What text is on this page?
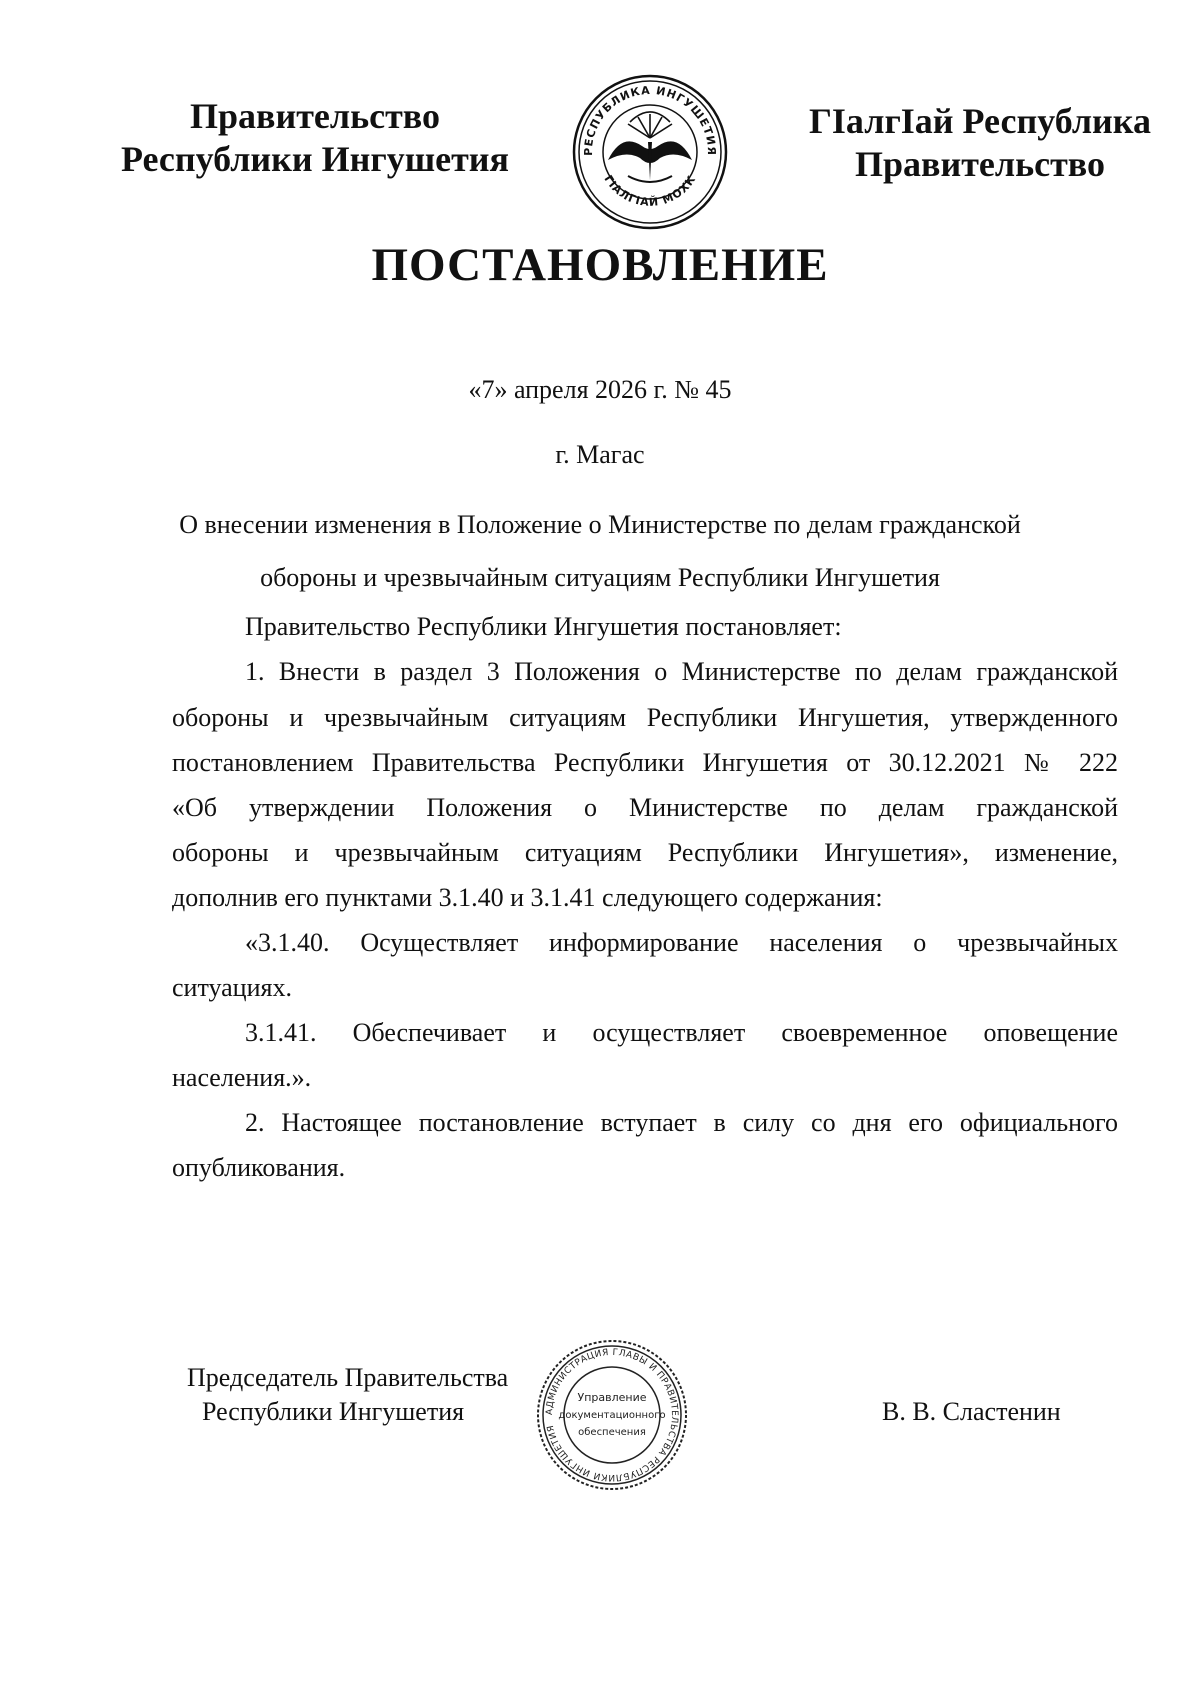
Правительство
Республики Ингушетия	РЕСПУБЛИКА ИНГУШЕТИЯ
ГIАЛГIАЙ МОХК
ГIалгIай Республика
Правительство
ПОСТАНОВЛЕНИЕ
«7» апреля 2026 г. № 45
г. Магас
О внесении изменения в Положение о Министерстве по делам гражданской
обороны и чрезвычайным ситуациям Республики Ингушетия
Правительство Республики Ингушетия постановляет:
1. Внести в раздел 3 Положения о Министерстве по делам гражданской
обороны и чрезвычайным ситуациям Республики Ингушетия, утвержденного
постановлением Правительства Республики Ингушетия от 30.12.2021 № 222
«Об утверждении Положения о Министерстве по делам гражданской
обороны и чрезвычайным ситуациям Республики Ингушетия», изменение,
дополнив его пунктами 3.1.40 и 3.1.41 следующего содержания:
«3.1.40. Осуществляет информирование населения о чрезвычайных
ситуациях.
3.1.41. Обеспечивает и осуществляет своевременное оповещение
населения.».
2. Настоящее постановление вступает в силу со дня его официального
опубликования.
АДМИНИСТРАЦИЯ ГЛАВЫ И ПРАВИТЕЛЬСТВА РЕСПУБЛИКИ ИНГУШЕТИЯ
Управление
документационного
обеспечения
Председатель Правительства
Республики Ингушетия	В. В. Сластенин
